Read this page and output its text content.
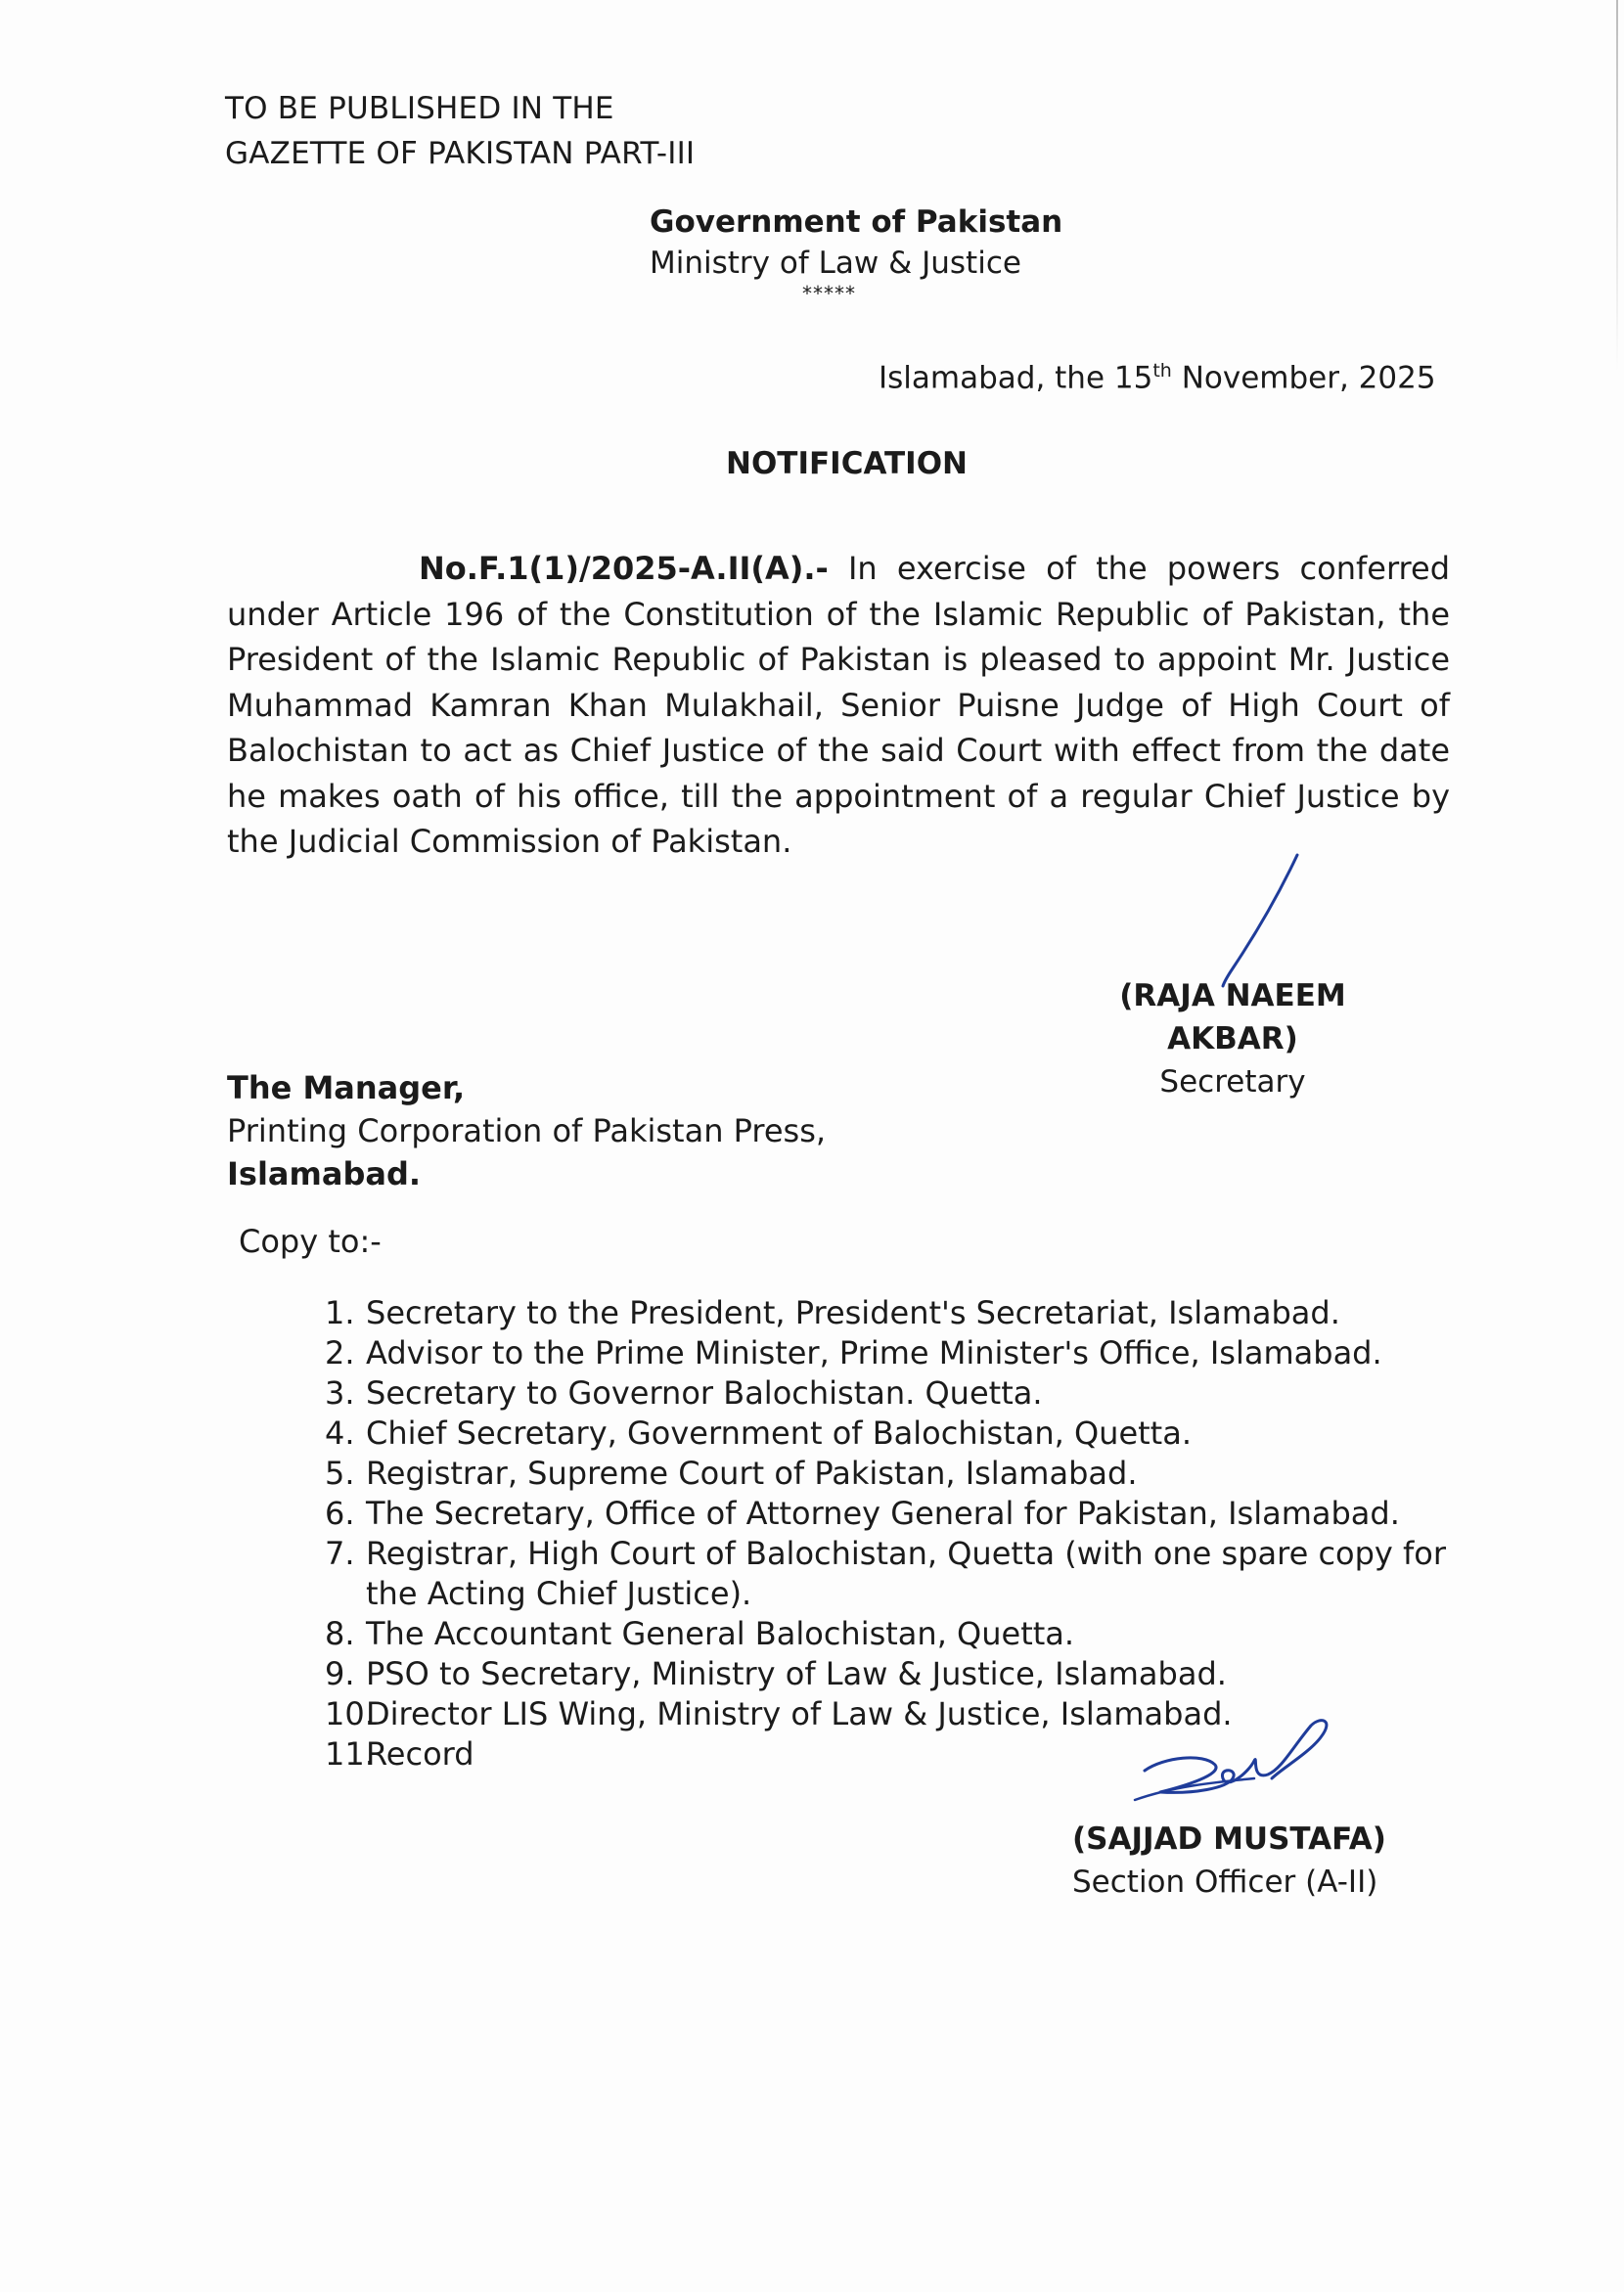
TO BE PUBLISHED IN THE
GAZETTE OF PAKISTAN PART-III
Government of Pakistan
Ministry of Law & Justice
*****
Islamabad, the 15th November, 2025
NOTIFICATION
No.F.1(1)/2025-A.II(A).- In exercise of the powers conferred under Article 196 of the Constitution of the Islamic Republic of Pakistan, the President of the Islamic Republic of Pakistan is pleased to appoint Mr. Justice Muhammad Kamran Khan Mulakhail, Senior Puisne Judge of High Court of Balochistan to act as Chief Justice of the said Court with effect from the date he makes oath of his office, till the appointment of a regular Chief Justice by the Judicial Commission of Pakistan.
(RAJA NAEEM AKBAR)
Secretary
The Manager,
Printing Corporation of Pakistan Press,
Islamabad.
Copy to:-
1. Secretary to the President, President's Secretariat, Islamabad.
2. Advisor to the Prime Minister, Prime Minister's Office, Islamabad.
3. Secretary to Governor Balochistan. Quetta.
4. Chief Secretary, Government of Balochistan, Quetta.
5. Registrar, Supreme Court of Pakistan, Islamabad.
6. The Secretary, Office of Attorney General for Pakistan, Islamabad.
7. Registrar, High Court of Balochistan, Quetta (with one spare copy for the Acting Chief Justice).
8. The Accountant General Balochistan, Quetta.
9. PSO to Secretary, Ministry of Law & Justice, Islamabad.
10.
Director LIS Wing, Ministry of Law & Justice, Islamabad.
11.
Record
(SAJJAD MUSTAFA)
Section Officer (A-II)
